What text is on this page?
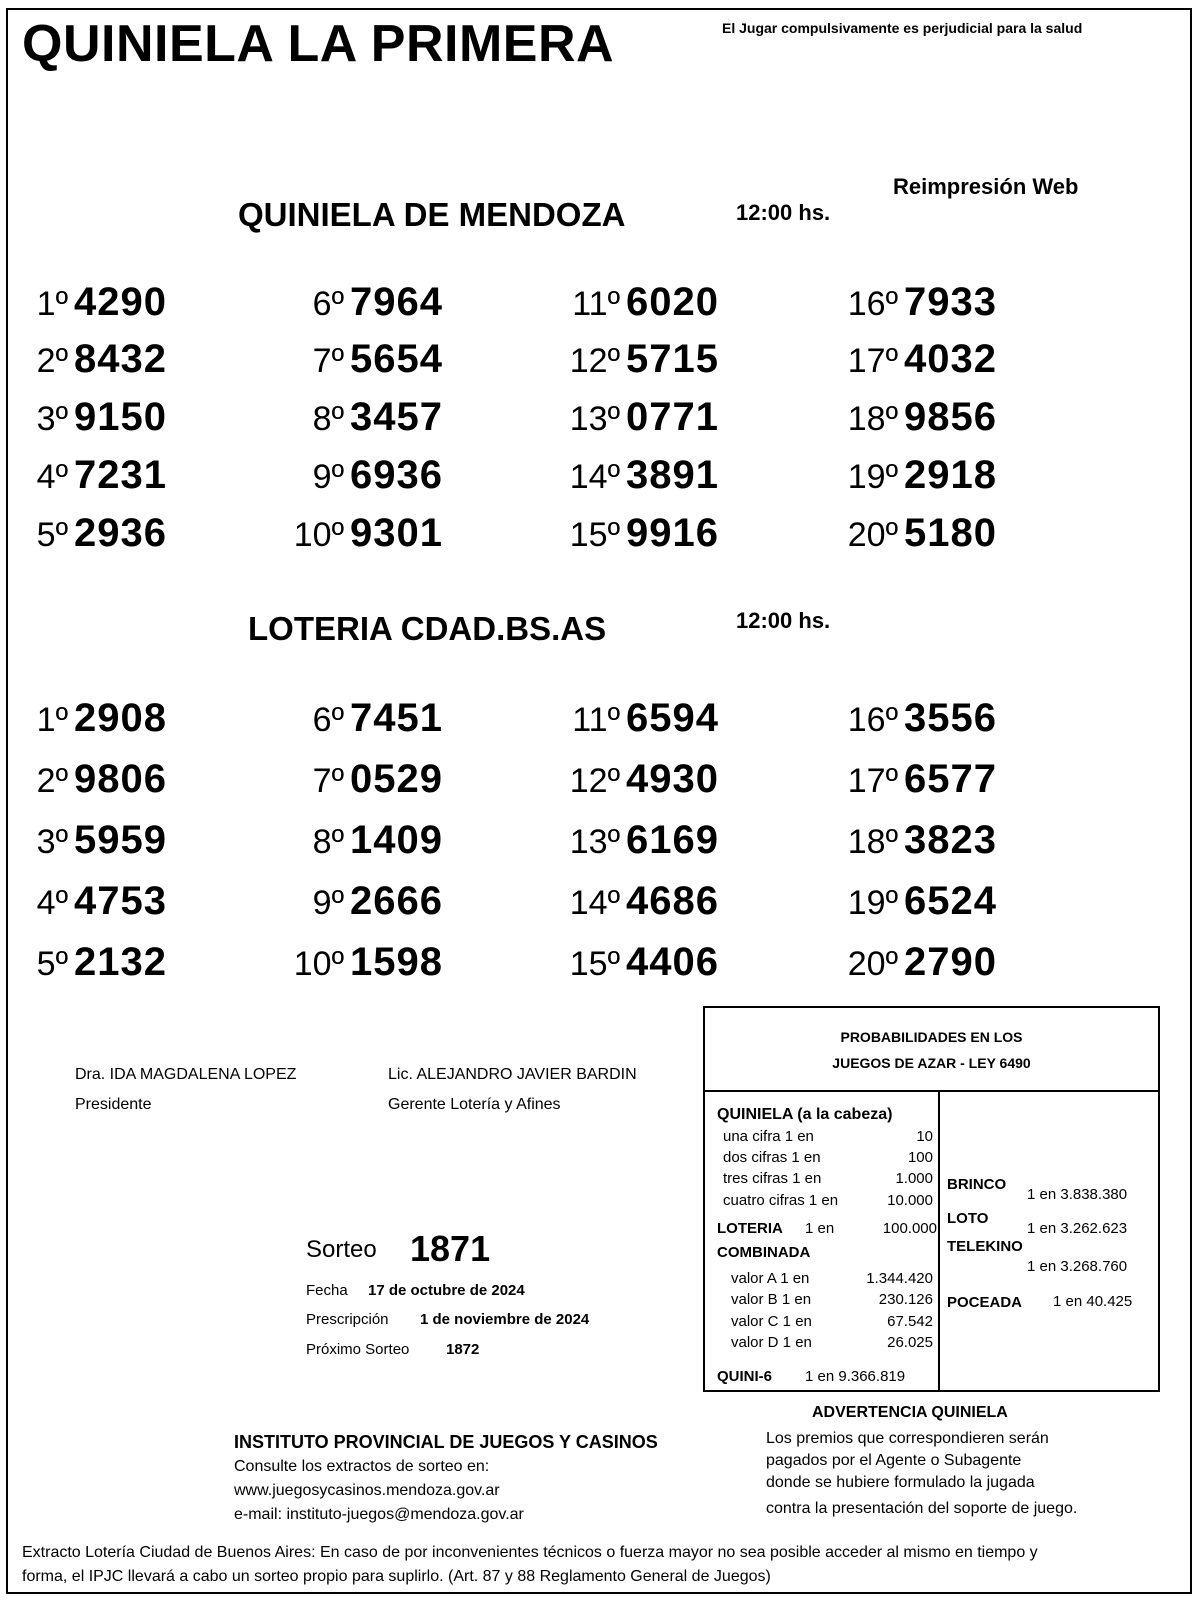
QUINIELA LA PRIMERA	El Jugar compulsivamente es perjudicial para la salud
Reimpresión Web
QUINIELA DE MENDOZA	12:00 hs.
1º 4290	6º 7964	11º 6020	16º 7933
2º 8432	7º 5654	12º 5715	17º 4032
3º 9150	8º 3457	13º 0771	18º 9856
4º 7231	9º 6936	14º 3891	19º 2918
5º 2936	10º 9301	15º 9916	20º 5180
LOTERIA CDAD.BS.AS	12:00 hs.
1º 2908	6º 7451	11º 6594	16º 3556
2º 9806	7º 0529	12º 4930	17º 6577
3º 5959	8º 1409	13º 6169	18º 3823
4º 4753	9º 2666	14º 4686	19º 6524
5º 2132	10º 1598	15º 4406	20º 2790
Dra. IDA MAGDALENA LOPEZ
Presidente
Lic. ALEJANDRO JAVIER BARDIN
Gerente Lotería y Afines
PROBABILIDADES EN LOS
JUEGOS DE AZAR - LEY 6490
QUINIELA (a la cabeza)
una cifra 1 en	10
dos cifras 1 en	100
tres cifras 1 en	1.000
cuatro cifras 1 en	10.000
LOTERIA 1 en	100.000
COMBINADA
valor A 1 en	1.344.420
valor B 1 en	230.126
valor C 1 en	67.542
valor D 1 en	26.025
QUINI-6 1 en 9.366.819
BRINCO
1 en 3.838.380
LOTO
1 en 3.262.623
TELEKINO
1 en 3.268.760
POCEADA 1 en 40.425
Sorteo 1871
Fecha 17 de octubre de 2024
Prescripción 1 de noviembre de 2024
Próximo Sorteo 1872
INSTITUTO PROVINCIAL DE JUEGOS Y CASINOS
Consulte los extractos de sorteo en:
www.juegosycasinos.mendoza.gov.ar
e-mail: instituto-juegos@mendoza.gov.ar
ADVERTENCIA QUINIELA
Los premios que correspondieren serán
pagados por el Agente o Subagente
donde se hubiere formulado la jugada
contra la presentación del soporte de juego.
Extracto Lotería Ciudad de Buenos Aires: En caso de por inconvenientes técnicos o fuerza mayor no sea posible acceder al mismo en tiempo y
forma, el IPJC llevará a cabo un sorteo propio para suplirlo. (Art. 87 y 88 Reglamento General de Juegos)
